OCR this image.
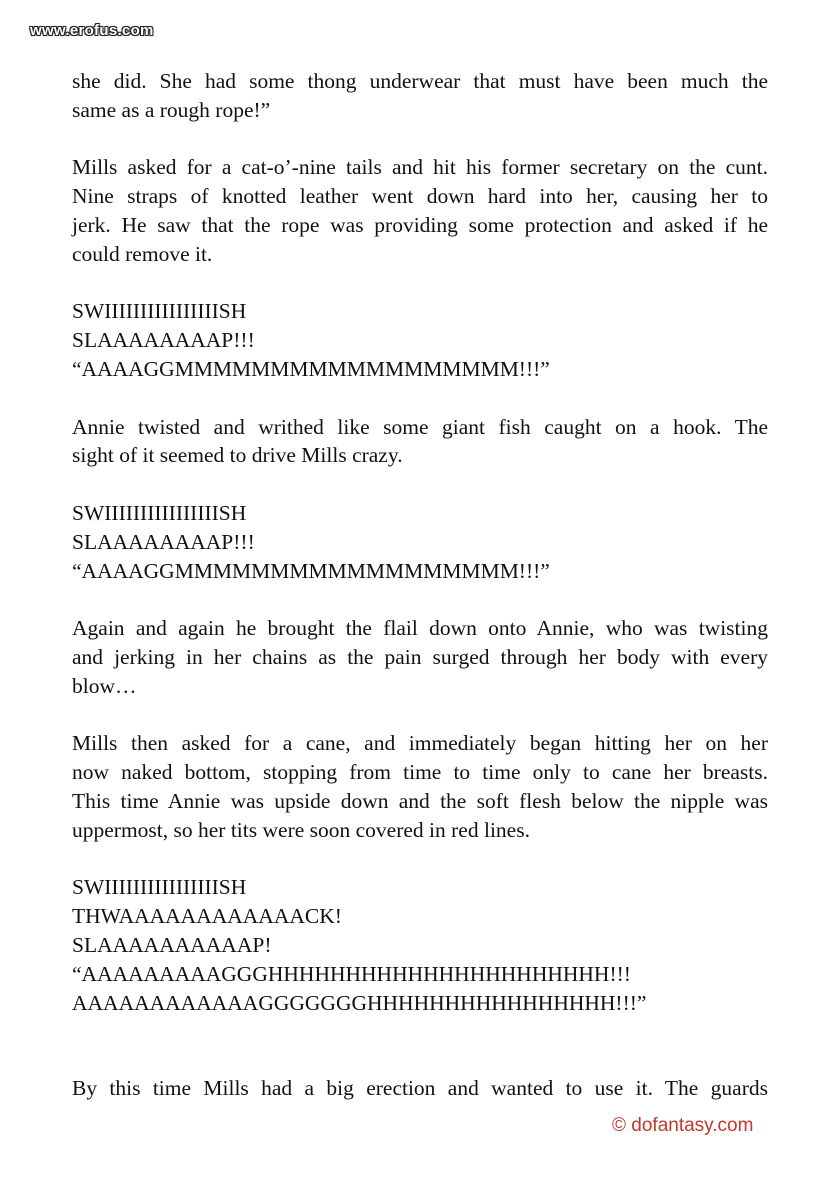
www.erofus.com
she did. She had some thong underwear that must have been much the
same as a rough rope!”
Mills asked for a cat-o’-nine tails and hit his former secretary on the cunt.
Nine straps of knotted leather went down hard into her, causing her to
jerk. He saw that the rope was providing some protection and asked if he
could remove it.
SWIIIIIIIIIIIIIIIISH
SLAAAAAAAAP!!!
“AAAAGGMMMMMMMMMMMMMMMMMM!!!”
Annie twisted and writhed like some giant fish caught on a hook. The
sight of it seemed to drive Mills crazy.
SWIIIIIIIIIIIIIIIISH
SLAAAAAAAAP!!!
“AAAAGGMMMMMMMMMMMMMMMMMM!!!”
Again and again he brought the flail down onto Annie, who was twisting
and jerking in her chains as the pain surged through her body with every
blow…
Mills then asked for a cane, and immediately began hitting her on her
now naked bottom, stopping from time to time only to cane her breasts.
This time Annie was upside down and the soft flesh below the nipple was
uppermost, so her tits were soon covered in red lines.
SWIIIIIIIIIIIIIIIISH
THWAAAAAAAAAAAACK!
SLAAAAAAAAAAP!
“AAAAAAAAAGGGHHHHHHHHHHHHHHHHHHHHHH!!!
AAAAAAAAAAAAGGGGGGGHHHHHHHHHHHHHHHH!!!”
By this time Mills had a big erection and wanted to use it. The guards
© dofantasy.com
